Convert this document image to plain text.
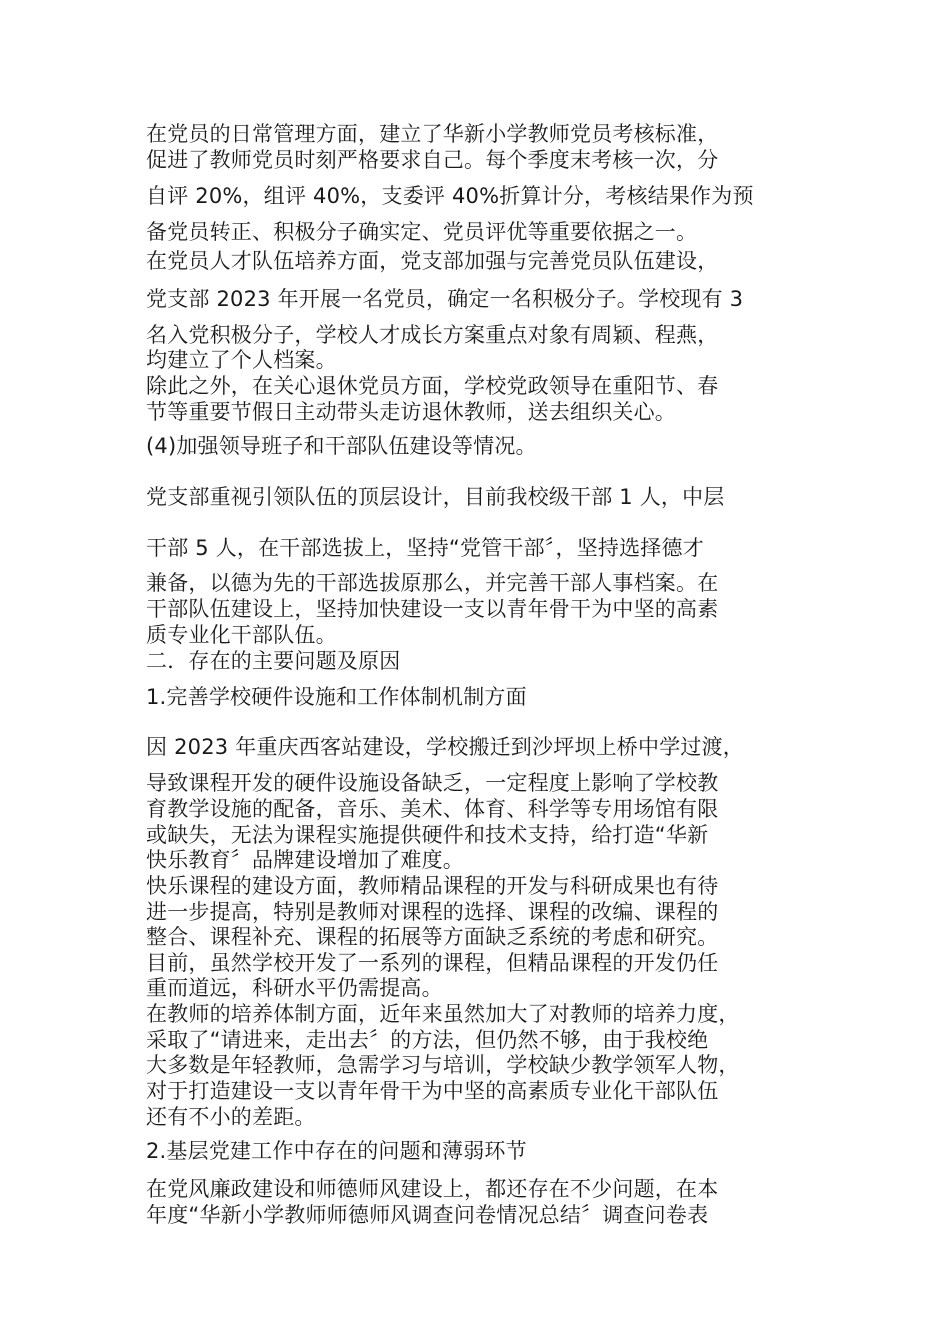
在党员的日常管理方面，建立了华新小学教师党员考核标准，
促进了教师党员时刻严格要求自己。每个季度末考核一次，分
自评 20%，组评 40%，支委评 40%折算计分，考核结果作为预
备党员转正、积极分子确实定、党员评优等重要依据之一。
在党员人才队伍培养方面，党支部加强与完善党员队伍建设，
党支部 2023 年开展一名党员，确定一名积极分子。学校现有 3
名入党积极分子，学校人才成长方案重点对象有周颖、程燕，
均建立了个人档案。
除此之外，在关心退休党员方面，学校党政领导在重阳节、春
节等重要节假日主动带头走访退休教师，送去组织关心。
(4)加强领导班子和干部队伍建设等情况。
党支部重视引领队伍的顶层设计，目前我校级干部 1 人，中层
干部 5 人，在干部选拔上，坚持“党管干部〞，坚持选择德才
兼备，以德为先的干部选拔原那么，并完善干部人事档案。在
干部队伍建设上，坚持加快建设一支以青年骨干为中坚的高素
质专业化干部队伍。
二．存在的主要问题及原因
1.完善学校硬件设施和工作体制机制方面
因 2023 年重庆西客站建设，学校搬迁到沙坪坝上桥中学过渡，
导致课程开发的硬件设施设备缺乏，一定程度上影响了学校教
育教学设施的配备，音乐、美术、体育、科学等专用场馆有限
或缺失，无法为课程实施提供硬件和技术支持，给打造“华新
快乐教育〞品牌建设增加了难度。
快乐课程的建设方面，教师精品课程的开发与科研成果也有待
进一步提高，特别是教师对课程的选择、课程的改编、课程的
整合、课程补充、课程的拓展等方面缺乏系统的考虑和研究。
目前，虽然学校开发了一系列的课程，但精品课程的开发仍任
重而道远，科研水平仍需提高。
在教师的培养体制方面，近年来虽然加大了对教师的培养力度，
采取了“请进来，走出去〞的方法，但仍然不够，由于我校绝
大多数是年轻教师，急需学习与培训，学校缺少教学领军人物，
对于打造建设一支以青年骨干为中坚的高素质专业化干部队伍
还有不小的差距。
2.基层党建工作中存在的问题和薄弱环节
在党风廉政建设和师德师风建设上，都还存在不少问题，在本
年度“华新小学教师师德师风调查问卷情况总结〞调查问卷表
